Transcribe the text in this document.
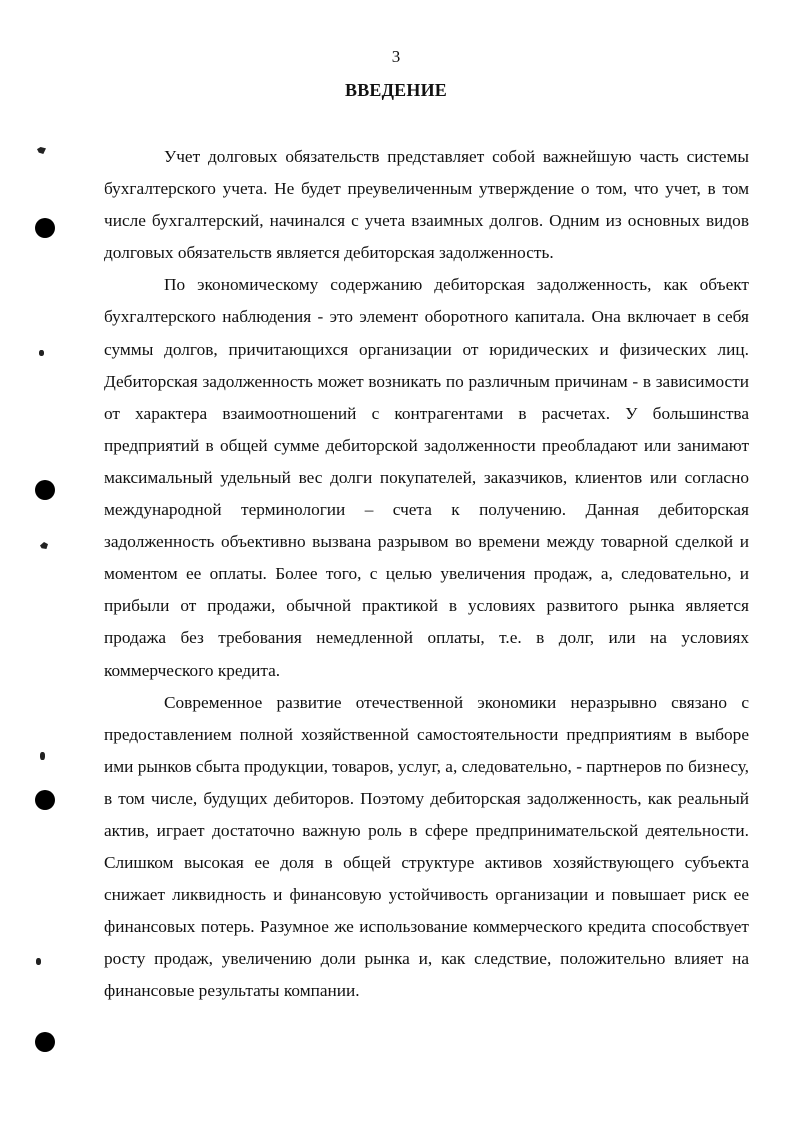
3
ВВЕДЕНИЕ

Учет долговых обязательств представляет собой важнейшую часть системы бухгалтерского учета. Не будет преувеличенным утверждение о том, что учет, в том числе бухгалтерский, начинался с учета взаимных долгов. Одним из основных видов долговых обязательств является дебиторская задолженность.

По экономическому содержанию дебиторская задолженность, как объект бухгалтерского наблюдения - это элемент оборотного капитала. Она включает в себя суммы долгов, причитающихся организации от юридических и физических лиц. Дебиторская задолженность может возникать по различным причинам - в зависимости от характера взаимоотношений с контрагентами в расчетах. У большинства предприятий в общей сумме дебиторской задолженности преобладают или занимают максимальный удельный вес долги покупателей, заказчиков, клиентов или согласно международной терминологии – счета к получению. Данная дебиторская задолженность объективно вызвана разрывом во времени между товарной сделкой и моментом ее оплаты. Более того, с целью увеличения продаж, а, следовательно, и прибыли от продажи, обычной практикой в условиях развитого рынка является продажа без требования немедленной оплаты, т.е. в долг, или на условиях коммерческого кредита.

Современное развитие отечественной экономики неразрывно связано с предоставлением полной хозяйственной самостоятельности предприятиям в выборе ими рынков сбыта продукции, товаров, услуг, а, следовательно, - партнеров по бизнесу, в том числе, будущих дебиторов. Поэтому дебиторская задолженность, как реальный актив, играет достаточно важную роль в сфере предпринимательской деятельности. Слишком высокая ее доля в общей структуре активов хозяйствующего субъекта снижает ликвидность и финансовую устойчивость организации и повышает риск ее финансовых потерь. Разумное же использование коммерческого кредита способствует росту продаж, увеличению доли рынка и, как следствие, положительно влияет на финансовые результаты компании.
